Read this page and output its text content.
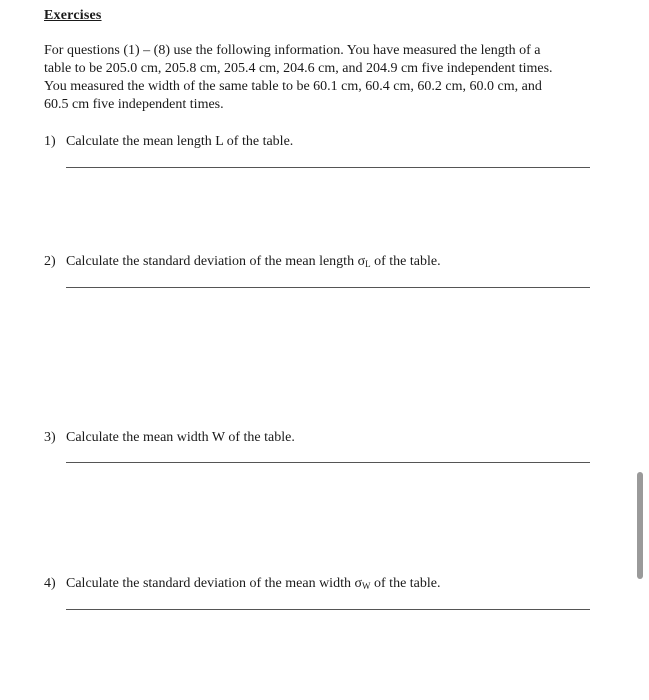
Exercises

For questions (1) – (8) use the following information. You have measured the length of a

table to be 205.0 cm, 205.8 cm, 205.4 cm, 204.6 cm, and 204.9 cm five independent times.

You measured the width of the same table to be 60.1 cm, 60.4 cm, 60.2 cm, 60.0 cm, and

60.5 cm five independent times.

1) Calculate the mean length L of the table.
2) Calculate the standard deviation of the mean length $\sigma_L$ of the table.
3) Calculate the mean width W of the table.
4) Calculate the standard deviation of the mean width $\sigma_W$ of the table.
